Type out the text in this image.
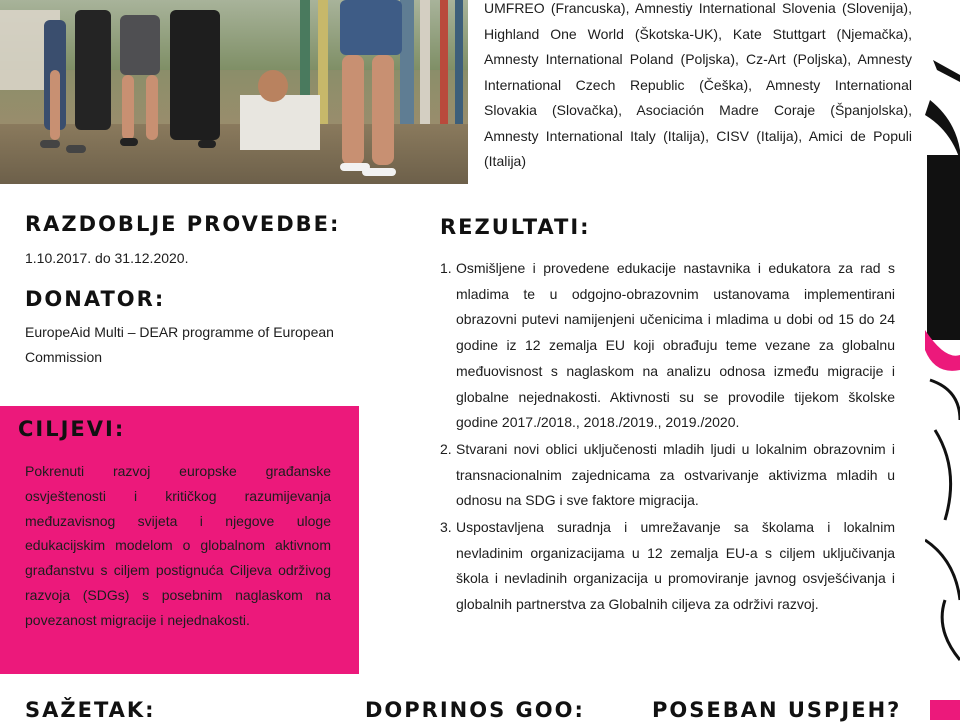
UMFREO (Francuska), Amnestiy International Slovenia (Slovenija), Highland One World (Škotska-UK), Kate Stuttgart (Njemačka), Amnesty International Poland (Poljska), Cz-Art (Poljska), Amnesty International Czech Republic (Češka), Amnesty International Slovakia (Slovačka), Asociación Madre Coraje (Španjolska), Amnesty International Italy (Italija), CISV (Italija), Amici de Populi (Italija)
RAZDOBLJE PROVEDBE:
1.10.2017. do 31.12.2020.
DONATOR:
EuropeAid Multi – DEAR programme of European Commission
CILJEVI:
Pokrenuti razvoj europske građanske osvještenosti i kritičkog razumijevanja međuzavisnog svijeta i njegove uloge edukacijskim modelom o globalnom aktivnom građanstvu s ciljem postignuća Ciljeva održivog razvoja (SDGs) s posebnim naglaskom na povezanost migracije i nejednakosti.
REZULTATI:
1. Osmišljene i provedene edukacije nastavnika i edukatora za rad s mladima te u odgojno-obrazovnim ustanovama implementirani obrazovni putevi namijenjeni učenicima i mladima u dobi od 15 do 24 godine iz 12 zemalja EU koji obrađuju teme vezane za globalnu međuovisnost s naglaskom na analizu odnosa između migracije i globalne nejednakosti. Aktivnosti su se provodile tijekom školske godine 2017./2018., 2018./2019., 2019./2020.
2. Stvarani novi oblici uključenosti mladih ljudi u lokalnim obrazovnim i transnacionalnim zajednicama za ostvarivanje aktivizma mladih u odnosu na SDG i sve faktore migracija.
3. Uspostavljena suradnja i umrežavanje sa školama i lokalnim nevladinim organizacijama u 12 zemalja EU-a s ciljem uključivanja škola i nevladinih organizacija u promoviranje javnog osvješćivanja i globalnih partnerstva za Globalnih ciljeva za održivi razvoj.
SAŽETAK:	DOPRINOS GOO:	POSEBAN USPJEH?
